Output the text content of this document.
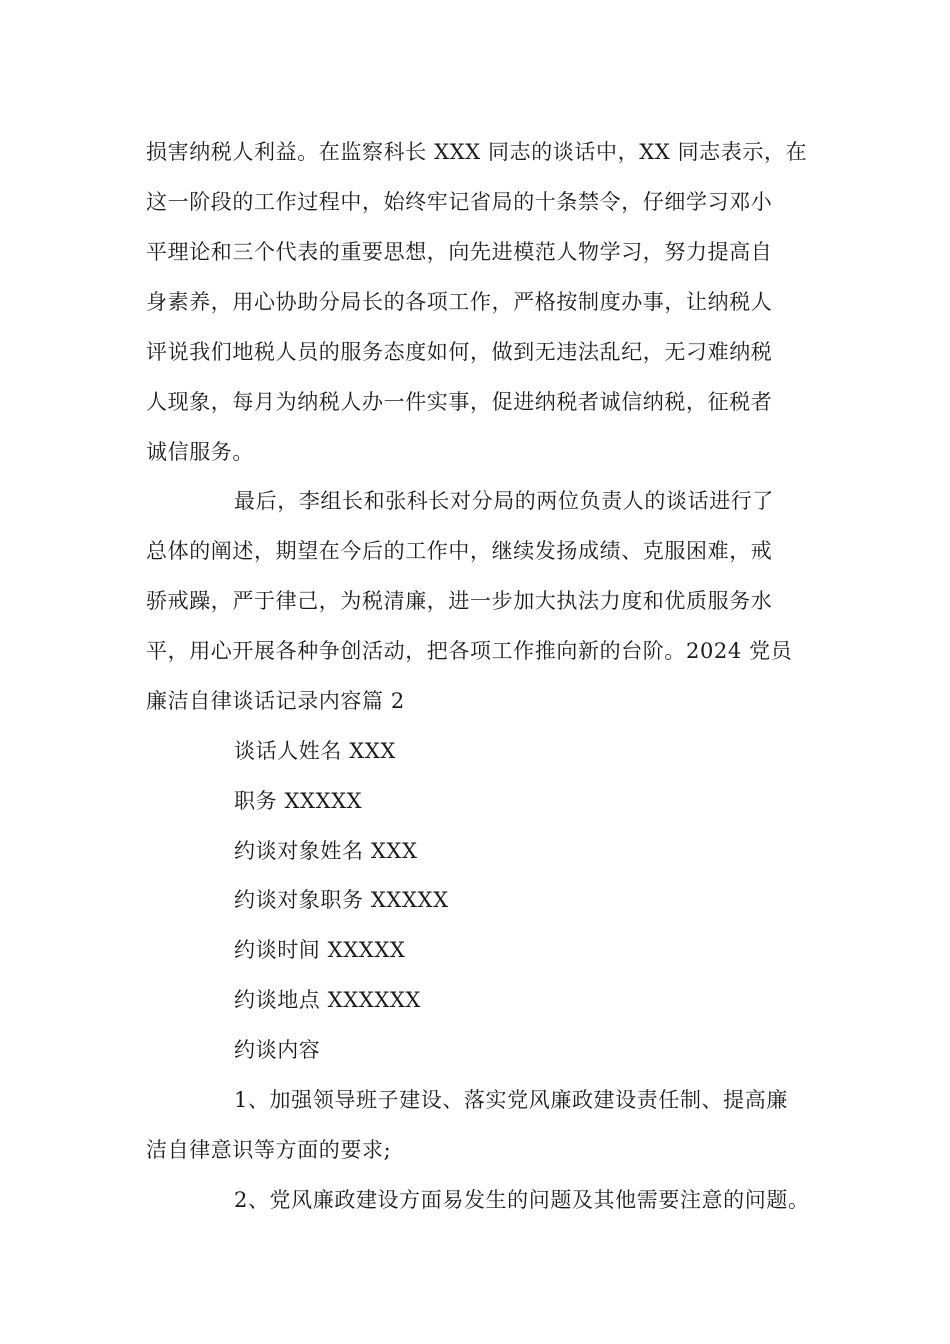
损害纳税人利益。在监察科长 XXX 同志的谈话中，XX 同志表示，在
这一阶段的工作过程中，始终牢记省局的十条禁令，仔细学习邓小
平理论和三个代表的重要思想，向先进模范人物学习，努力提高自
身素养，用心协助分局长的各项工作，严格按制度办事，让纳税人
评说我们地税人员的服务态度如何，做到无违法乱纪，无刁难纳税
人现象，每月为纳税人办一件实事，促进纳税者诚信纳税，征税者
诚信服务。
最后，李组长和张科长对分局的两位负责人的谈话进行了
总体的阐述，期望在今后的工作中，继续发扬成绩、克服困难，戒
骄戒躁，严于律己，为税清廉，进一步加大执法力度和优质服务水
平，用心开展各种争创活动，把各项工作推向新的台阶。2024 党员
廉洁自律谈话记录内容篇 2
谈话人姓名 XXX
职务 XXXXX
约谈对象姓名 XXX
约谈对象职务 XXXXX
约谈时间 XXXXX
约谈地点 XXXXXX
约谈内容
1、加强领导班子建设、落实党风廉政建设责任制、提高廉
洁自律意识等方面的要求;
2、党风廉政建设方面易发生的问题及其他需要注意的问题。
